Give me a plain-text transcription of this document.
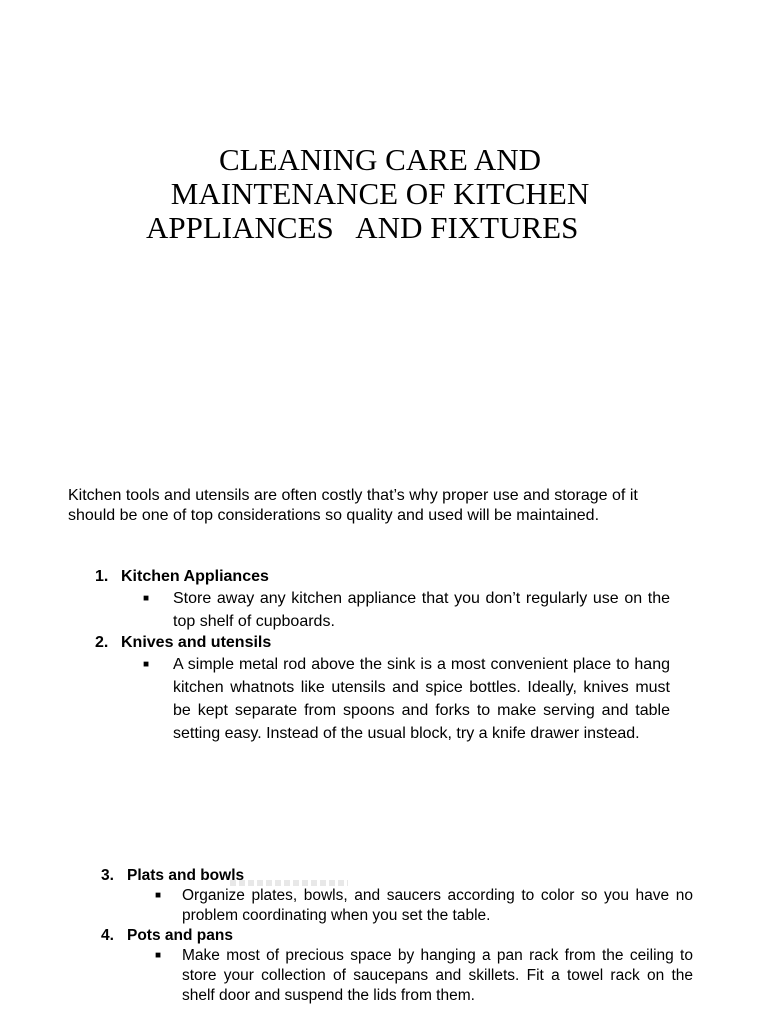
CLEANING CARE AND
MAINTENANCE OF KITCHEN
APPLIANCES   AND FIXTURES
Kitchen tools and utensils are often costly that’s why proper use and storage of it should be one of top considerations so quality and used will be maintained.
1. Kitchen Appliances
■	Store away any kitchen appliance that you don’t regularly use on the top shelf of cupboards.
2. Knives and utensils
■	A simple metal rod above the sink is a most convenient place to hang kitchen whatnots like utensils and spice bottles. Ideally, knives must be kept separate from spoons and forks to make serving and table setting easy. Instead of the usual block, try a knife drawer instead.
3. Plats and bowls
■	Organize plates, bowls, and saucers according to color so you have no problem coordinating when you set the table.
4. Pots and pans
■	Make most of precious space by hanging a pan rack from the ceiling to store your collection of saucepans and skillets. Fit a towel rack on the shelf door and suspend the lids from them.
